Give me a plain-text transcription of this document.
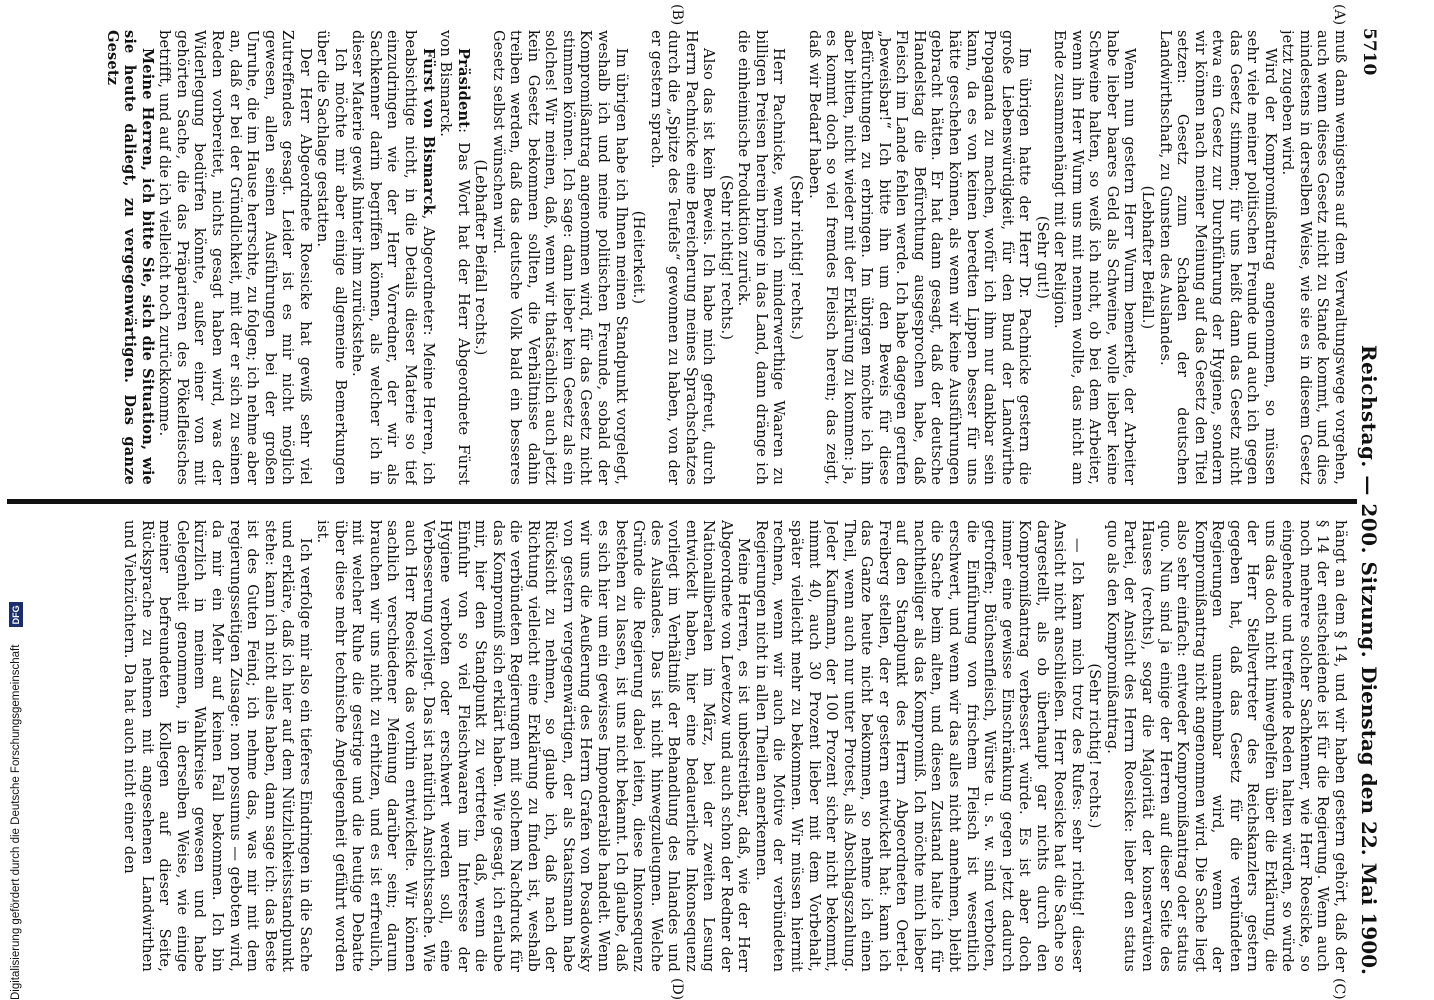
5710
Reichstag. — 200. Sitzung.
Dienstag den 22. Mai 1900.
(A)
(B)
(C)
(D)

muß dann wenigstens auf dem Verwaltungswege vorgehen, auch wenn dieses Gesetz nicht zu Stande kommt, und dies mindestens in derselben Weise, wie sie es in diesem Gesetz jetzt zugeben wird.

Wird der Kompromißantrag angenommen, so müssen sehr viele meiner politischen Freunde und auch ich gegen das Gesetz stimmen; für uns heißt dann das Gesetz nicht etwa ein Gesetz zur Durchführung der Hygiene, sondern wir können nach meiner Meinung auf das Gesetz den Titel setzen: Gesetz zum Schaden der deutschen Landwirthschaft, zu Gunsten des Auslandes.

(Lebhafter Beifall.)

Wenn nun gestern Herr Wurm bemerkte, der Arbeiter habe lieber baares Geld als Schweine, wolle lieber keine Schweine halten, so weiß ich nicht, ob bei dem Arbeiter, wenn ihn Herr Wurm uns mit nennen wollte, das nicht am Ende zusammenhängt mit der Religion.

(Sehr gut!)

Im übrigen hatte der Herr Dr. Pachnicke gestern die große Liebenswürdigkeit, für den Bund der Landwirthe Propaganda zu machen, wofür ich ihm nur dankbar sein kann, da es von keinen beredten Lippen besser für uns hätte geschehen können, als wenn wir keine Ausführungen gebracht hätten. Er hat dann gesagt, daß der deutsche Handelstag die Befürchtung ausgesprochen habe, daß Fleisch im Lande fehlen werde. Ich habe dagegen gerufen „beweisbar!“ Ich bitte ihn um den Beweis für diese Befürchtungen zu erbringen. Im übrigen möchte ich ihn aber bitten, nicht wieder mit der Erklärung zu kommen: ja, es kommt doch so viel fremdes Fleisch herein; das zeigt, daß wir Bedarf haben.

(Sehr richtig! rechts.)

Herr Pachnicke, wenn ich minderwerthige Waaren zu billigen Preisen herein bringe in das Land, dann dränge ich die einheimische Produktion zurück.

(Sehr richtig! rechts.)

Also das ist kein Beweis. Ich habe mich gefreut, durch Herrn Pachnicke eine Bereicherung meines Sprachschatzes durch die „Spitze des Teufels“ gewonnen zu haben, von der er gestern sprach.

(Heiterkeit.)

Im übrigen habe ich Ihnen meinen Standpunkt vorgelegt, weshalb ich und meine politischen Freunde, sobald der Kompromißantrag angenommen wird, für das Gesetz nicht stimmen können. Ich sage: dann lieber kein Gesetz als ein solches! Wir meinen, daß, wenn wir thatsächlich auch jetzt kein Gesetz bekommen sollten, die Verhältnisse dahin treiben werden, daß das deutsche Volk bald ein besseres Gesetz selbst wünschen wird.

(Lebhafter Beifall rechts.)

Präsident: Das Wort hat der Herr Abgeordnete Fürst von Bismarck.

Fürst von Bismarck, Abgeordneter: Meine Herren, ich beabsichtige nicht, in die Details dieser Materie so tief einzudringen wie der Herr Vorredner, der wir als Sachkenner darin begriffen können, als welcher ich in dieser Materie gewiß hinter ihm zurückstehe.

Ich möchte mir aber einige allgemeine Bemerkungen über die Sachlage gestatten.

Der Herr Abgeordnete Roesicke hat gewiß sehr viel Zutreffendes gesagt. Leider ist es mir nicht möglich gewesen, allen seinen Ausführungen bei der großen Unruhe, die im Hause herrschte, zu folgen; ich nehme aber an, daß er bei der Gründlichkeit, mit der er sich zu seinen Reden vorbereitet, nichts gesagt haben wird, was der Widerlegung bedürfen könnte, außer einer von mit gehörten Sache, die das Präparieren des Pökelfleisches betrifft, und auf die ich vielleicht noch zurückkomme.

Meine Herren, ich bitte Sie, sich die Situation, wie sie heute daliegt, zu vergegenwärtigen. Das ganze Gesetz

hängt an dem § 14, und wir haben gestern gehört, daß der § 14 der entscheidende ist für die Regierung. Wenn auch noch mehrere solcher Sachkenner, wie Herr Roesicke, so eingehende und treffende Reden halten würden, so würde uns das doch nicht hinweghelfen über die Erklärung, die der Herr Stellvertreter des Reichskanzlers gestern gegeben hat, daß das Gesetz für die verbündeten Regierungen unannehmbar wird, wenn der Kompromißantrag nicht angenommen wird. Die Sache liegt also sehr einfach: entweder Kompromißantrag oder status quo. Nun sind ja einige der Herren auf dieser Seite des Hauses (rechts), sogar die Majorität der konservativen Partei, der Ansicht des Herrn Roesicke: lieber den status quo als den Kompromißantrag.

(Sehr richtig! rechts.)

— Ich kann mich trotz des Rufes: sehr richtig! dieser Ansicht nicht anschließen. Herr Roesicke hat die Sache so dargestellt, als ob überhaupt gar nichts durch den Kompromißantrag verbessert würde. Es ist aber doch immer eine gewisse Einschränkung gegen jetzt dadurch getroffen; Büchsenfleisch, Würste u. s. w. sind verboten, die Einführung von frischem Fleisch ist wesentlich erschwert, und wenn wir das alles nicht annehmen, bleibt die Sache beim alten, und diesen Zustand halte ich für nachtheiliger als das Kompromiß. Ich möchte mich lieber auf den Standpunkt des Herrn Abgeordneten Oertel-Freiberg stellen, der er gestern entwickelt hat: kann ich das Ganze heute nicht bekommen, so nehme ich einen Theil, wenn auch nur unter Protest, als Abschlagszahlung. Jeder Kaufmann, der 100 Prozent sicher nicht bekommt, nimmt 40, auch 30 Prozent lieber mit dem Vorbehalt, später vielleicht mehr zu bekommen. Wir müssen hiermit rechnen, wenn wir auch die Motive der verbündeten Regierungen nicht in allen Theilen anerkennen.

Meine Herren, es ist unbestreitbar, daß, wie der Herr Abgeordnete von Levetzow und auch schon der Redner der Nationalliberalen im März, bei der zweiten Lesung entwickelt haben, hier eine bedauerliche Inkonsequenz vorliegt im Verhältniß der Behandlung des Inlandes und des Auslandes. Das ist nicht hinwegzuleugnen. Welche Gründe die Regierung dabei leiten, diese Inkonsequenz bestehen zu lassen, ist uns nicht bekannt. Ich glaube, daß es sich hier um ein gewisses Imponderabile handelt. Wenn wir uns die Aeußerung des Herrn Grafen von Posadowsky von gestern vergegenwärtigen, der als Staatsmann habe Rücksicht zu nehmen, so glaube ich, daß nach der Richtung vielleicht eine Erklärung zu finden ist, weshalb die verbündeten Regierungen mit solchem Nachdruck für das Kompromiß sich erklärt haben. Wie gesagt, ich erlaube mir, hier den Standpunkt zu vertreten, daß, wenn die Einfuhr von so viel Fleischwaaren im Interesse der Hygiene verboten oder erschwert werden soll, eine Verbesserung vorliegt. Das ist natürlich Ansichtssache. Wie auch Herr Roesicke das vorhin entwickelte. Wir können sachlich verschiedener Meinung darüber sein; darum brauchen wir uns nicht zu erhitzen, und es ist erfreulich, mit welcher Ruhe die gestrige und die heutige Debatte über diese mehr technische Angelegenheit geführt worden ist.

Ich verfolge mir also ein tieferes Eindringen in die Sache und erkläre, daß ich hier auf dem Nützlichkeitsstandpunkt stehe: kann ich nicht alles haben, dann sage ich: das Beste ist des Guten Feind; ich nehme das, was mir mit dem regierungsseitigen Zusage: non possumus — geboten wird, da mir ein Mehr auf keinen Fall bekommen. Ich bin kürzlich in meinem Wahlkreise gewesen und habe Gelegenheit genommen, in derselben Weise, wie einige meiner befreundeten Kollegen auf dieser Seite, Rücksprache zu nehmen mit angesehenen Landwirthen und Viehzüchtern. Da hat auch nicht einer den

Digitalisierung gefördert durch die Deutsche Forschungsgemeinschaft DFG
